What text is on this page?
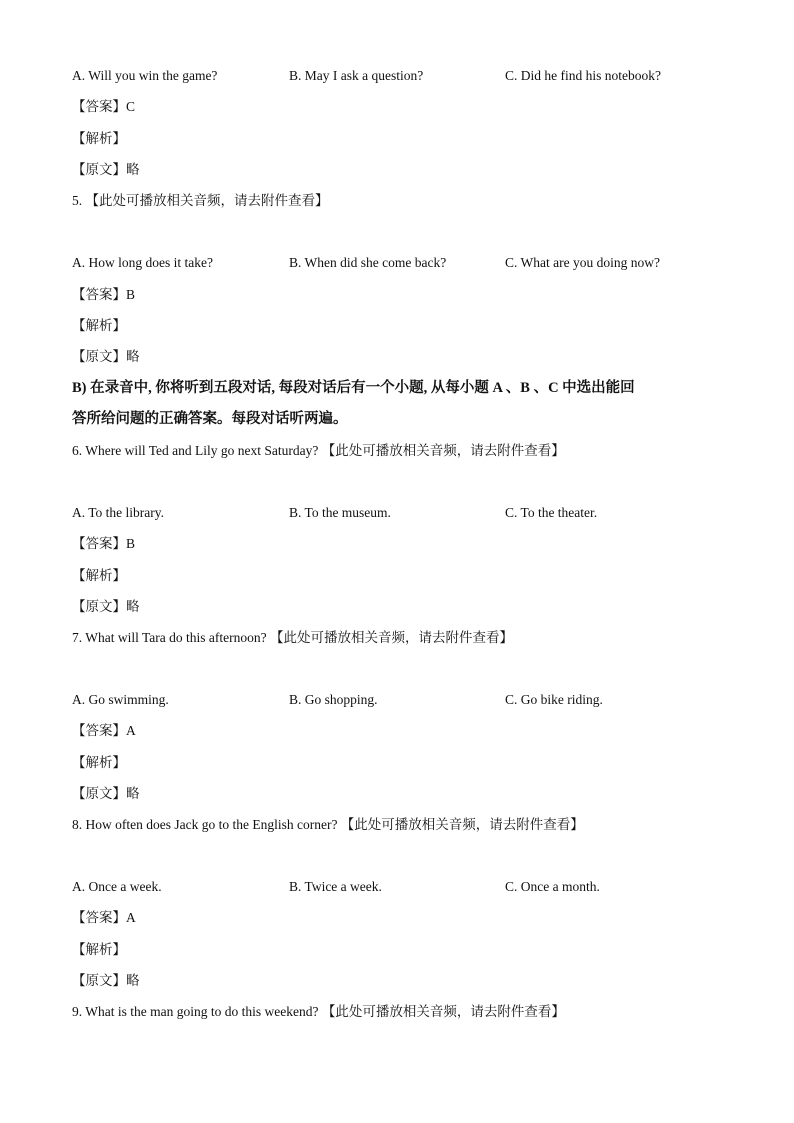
A. Will you win the game?	B. May I ask a question?	C. Did he find his notebook?
【答案】C
【解析】
【原文】略
5. 【此处可播放相关音频，请去附件查看】
A. How long does it take?	B. When did she come back?	C. What are you doing now?
【答案】B
【解析】
【原文】略
B) 在录音中, 你将听到五段对话, 每段对话后有一个小题, 从每小题 A 、B 、C 中选出能回
答所给问题的正确答案。每段对话听两遍。
6. Where will Ted and Lily go next Saturday? 【此处可播放相关音频，请去附件查看】
A. To the library.	B. To the museum.	C. To the theater.
【答案】B
【解析】
【原文】略
7. What will Tara do this afternoon? 【此处可播放相关音频，请去附件查看】
A. Go swimming.	B. Go shopping.	C. Go bike riding.
【答案】A
【解析】
【原文】略
8. How often does Jack go to the English corner? 【此处可播放相关音频，请去附件查看】
A. Once a week.	B. Twice a week.	C. Once a month.
【答案】A
【解析】
【原文】略
9. What is the man going to do this weekend? 【此处可播放相关音频，请去附件查看】
